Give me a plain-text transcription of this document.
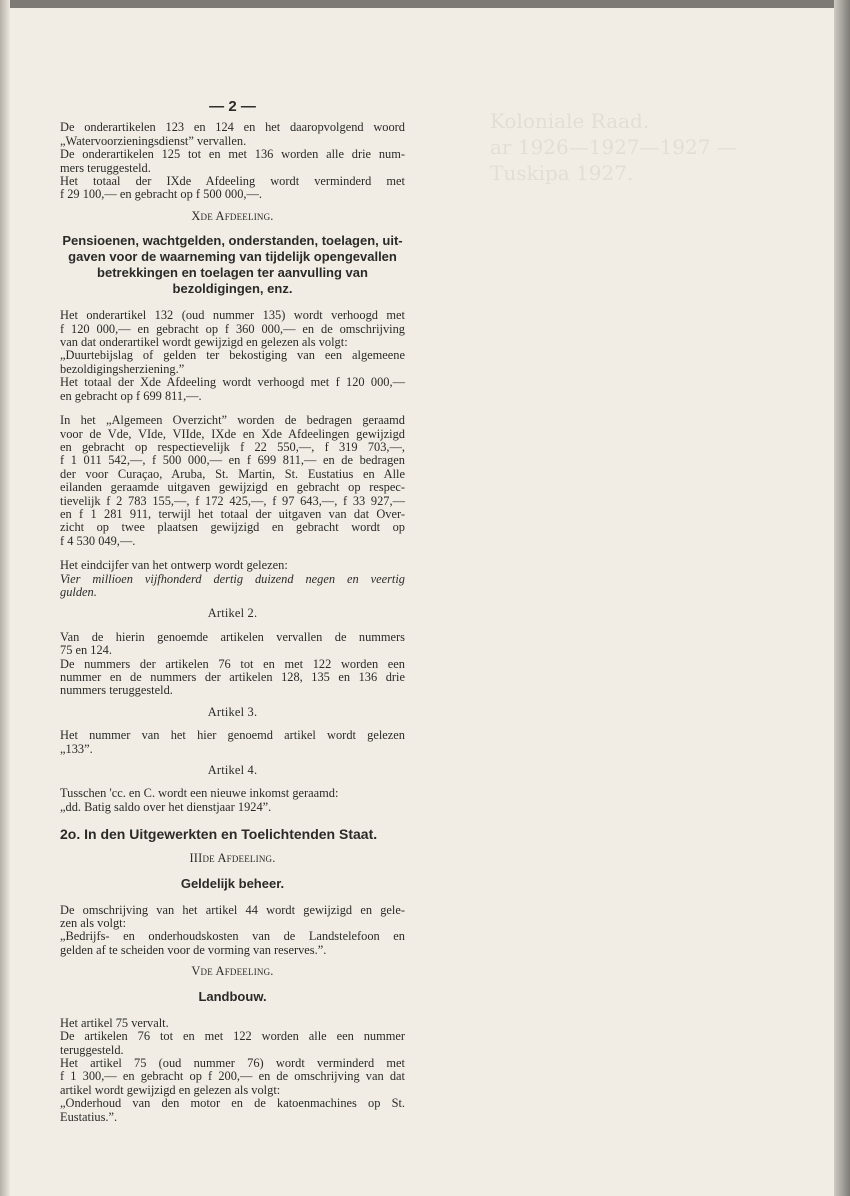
Koloniale Raad.
ar 1926—1927—1927 —
Tuskipa 1927.
— 2 —
De onderartikelen 123 en 124 en het daaropvolgend woord
„Watervoorzieningsdienst” vervallen.
De onderartikelen 125 tot en met 136 worden alle drie num-
mers teruggesteld.
Het totaal der IXde Afdeeling wordt verminderd met
f 29 100,— en gebracht op f 500 000,—.
Xde Afdeeling.
Pensioenen, wachtgelden, onderstanden, toelagen, uit-
gaven voor de waarneming van tijdelijk opengevallen
betrekkingen en toelagen ter aanvulling van
bezoldigingen, enz.
Het onderartikel 132 (oud nummer 135) wordt verhoogd met
f 120 000,— en gebracht op f 360 000,— en de omschrijving
van dat onderartikel wordt gewijzigd en gelezen als volgt:
„Duurtebijslag of gelden ter bekostiging van een algemeene
bezoldigingsherziening.”
Het totaal der Xde Afdeeling wordt verhoogd met f 120 000,—
en gebracht op f 699 811,—.
In het „Algemeen Overzicht” worden de bedragen geraamd
voor de Vde, VIde, VIIde, IXde en Xde Afdeelingen gewijzigd
en gebracht op respectievelijk f 22 550,—, f 319 703,—,
f 1 011 542,—, f 500 000,— en f 699 811,— en de bedragen
der voor Curaçao, Aruba, St. Martin, St. Eustatius en Alle
eilanden geraamde uitgaven gewijzigd en gebracht op respec-
tievelijk f 2 783 155,—, f 172 425,—, f 97 643,—, f 33 927,—
en f 1 281 911, terwijl het totaal der uitgaven van dat Over-
zicht op twee plaatsen gewijzigd en gebracht wordt op
f 4 530 049,—.
Het eindcijfer van het ontwerp wordt gelezen:
Vier millioen vijfhonderd dertig duizend negen en veertig
gulden.
Artikel 2.
Van de hierin genoemde artikelen vervallen de nummers
75 en 124.
De nummers der artikelen 76 tot en met 122 worden een
nummer en de nummers der artikelen 128, 135 en 136 drie
nummers teruggesteld.
Artikel 3.
Het nummer van het hier genoemd artikel wordt gelezen
„133”.
Artikel 4.
Tusschen 'cc. en C. wordt een nieuwe inkomst geraamd:
„dd. Batig saldo over het dienstjaar 1924”.
2o. In den Uitgewerkten en Toelichtenden Staat.
IIIde Afdeeling.
Geldelijk beheer.
De omschrijving van het artikel 44 wordt gewijzigd en gele-
zen als volgt:
„Bedrijfs- en onderhoudskosten van de Landstelefoon en
gelden af te scheiden voor de vorming van reserves.”.
Vde Afdeeling.
Landbouw.
Het artikel 75 vervalt.
De artikelen 76 tot en met 122 worden alle een nummer
teruggesteld.
Het artikel 75 (oud nummer 76) wordt verminderd met
f 1 300,— en gebracht op f 200,— en de omschrijving van dat
artikel wordt gewijzigd en gelezen als volgt:
„Onderhoud van den motor en de katoenmachines op St.
Eustatius.”.
